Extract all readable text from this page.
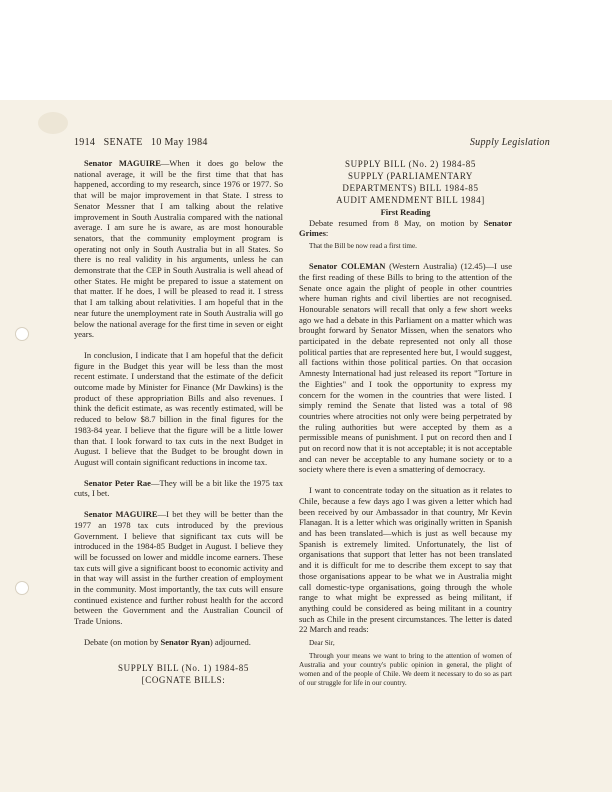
1914 SENATE 10 May 1984	Supply Legislation

Senator MAGUIRE—When it does go below the national average, it will be the first time that that has happened, according to my research, since 1976 or 1977. So that will be major improvement in that State. I stress to Senator Messner that I am talking about the relative improvement in South Australia compared with the national average. I am sure he is aware, as are most honourable senators, that the community employment program is operating not only in South Australia but in all States. So there is no real validity in his arguments, unless he can demonstrate that the CEP in South Australia is well ahead of other States. He might be prepared to issue a statement on that matter. If he does, I will be pleased to read it. I stress that I am talking about relativities. I am hopeful that in the near future the unemployment rate in South Australia will go below the national average for the first time in seven or eight years.

In conclusion, I indicate that I am hopeful that the deficit figure in the Budget this year will be less than the most recent estimate. I understand that the estimate of the deficit outcome made by Minister for Finance (Mr Dawkins) is the product of these appropriation Bills and also revenues. I think the deficit estimate, as was recently estimated, will be reduced to below $8.7 billion in the final figures for the 1983-84 year. I believe that the figure will be a little lower than that. I look forward to tax cuts in the next Budget in August. I believe that the Budget to be brought down in August will contain significant reductions in income tax.

Senator Peter Rae—They will be a bit like the 1975 tax cuts, I bet.

Senator MAGUIRE—I bet they will be better than the 1977 an 1978 tax cuts introduced by the previous Government. I believe that significant tax cuts will be introduced in the 1984-85 Budget in August. I believe they will be focussed on lower and middle income earners. These tax cuts will give a significant boost to economic activity and in that way will assist in the further creation of employment in the community. Most importantly, the tax cuts will ensure continued existence and further robust health for the accord between the Government and the Australian Council of Trade Unions.

Debate (on motion by Senator Ryan) adjourned.

SUPPLY BILL (No. 1) 1984-85

[COGNATE BILLS:

SUPPLY BILL (No. 2) 1984-85

SUPPLY (PARLIAMENTARY

DEPARTMENTS) BILL 1984-85

AUDIT AMENDMENT BILL 1984]

First Reading

Debate resumed from 8 May, on motion by Senator Grimes:

That the Bill be now read a first time.

Senator COLEMAN (Western Australia) (12.45)—I use the first reading of these Bills to bring to the attention of the Senate once again the plight of people in other countries where human rights and civil liberties are not recognised. Honourable senators will recall that only a few short weeks ago we had a debate in this Parliament on a matter which was brought forward by Senator Missen, when the senators who participated in the debate represented not only all those political parties that are represented here but, I would suggest, all factions within those political parties. On that occasion Amnesty International had just released its report "Torture in the Eighties" and I took the opportunity to express my concern for the women in the countries that were listed. I simply remind the Senate that listed was a total of 98 countries where atrocities not only were being perpetrated by the ruling authorities but were accepted by them as a permissible means of punishment. I put on record then and I put on record now that it is not acceptable; it is not acceptable and can never be acceptable to any humane society or to a society where there is even a smattering of democracy.

I want to concentrate today on the situation as it relates to Chile, because a few days ago I was given a letter which had been received by our Ambassador in that country, Mr Kevin Flanagan. It is a letter which was originally written in Spanish and has been translated—which is just as well because my Spanish is extremely limited. Unfortunately, the list of organisations that support that letter has not been translated and it is difficult for me to describe them except to say that those organisations appear to be what we in Australia might call domestic-type organisations, going through the whole range to what might be expressed as being militant, if anything could be considered as being militant in a country such as Chile in the present circumstances. The letter is dated 22 March and reads:

Dear Sir,

Through your means we want to bring to the attention of women of Australia and your country's public opinion in general, the plight of women and of the people of Chile. We deem it necessary to do so as part of our struggle for life in our country.
